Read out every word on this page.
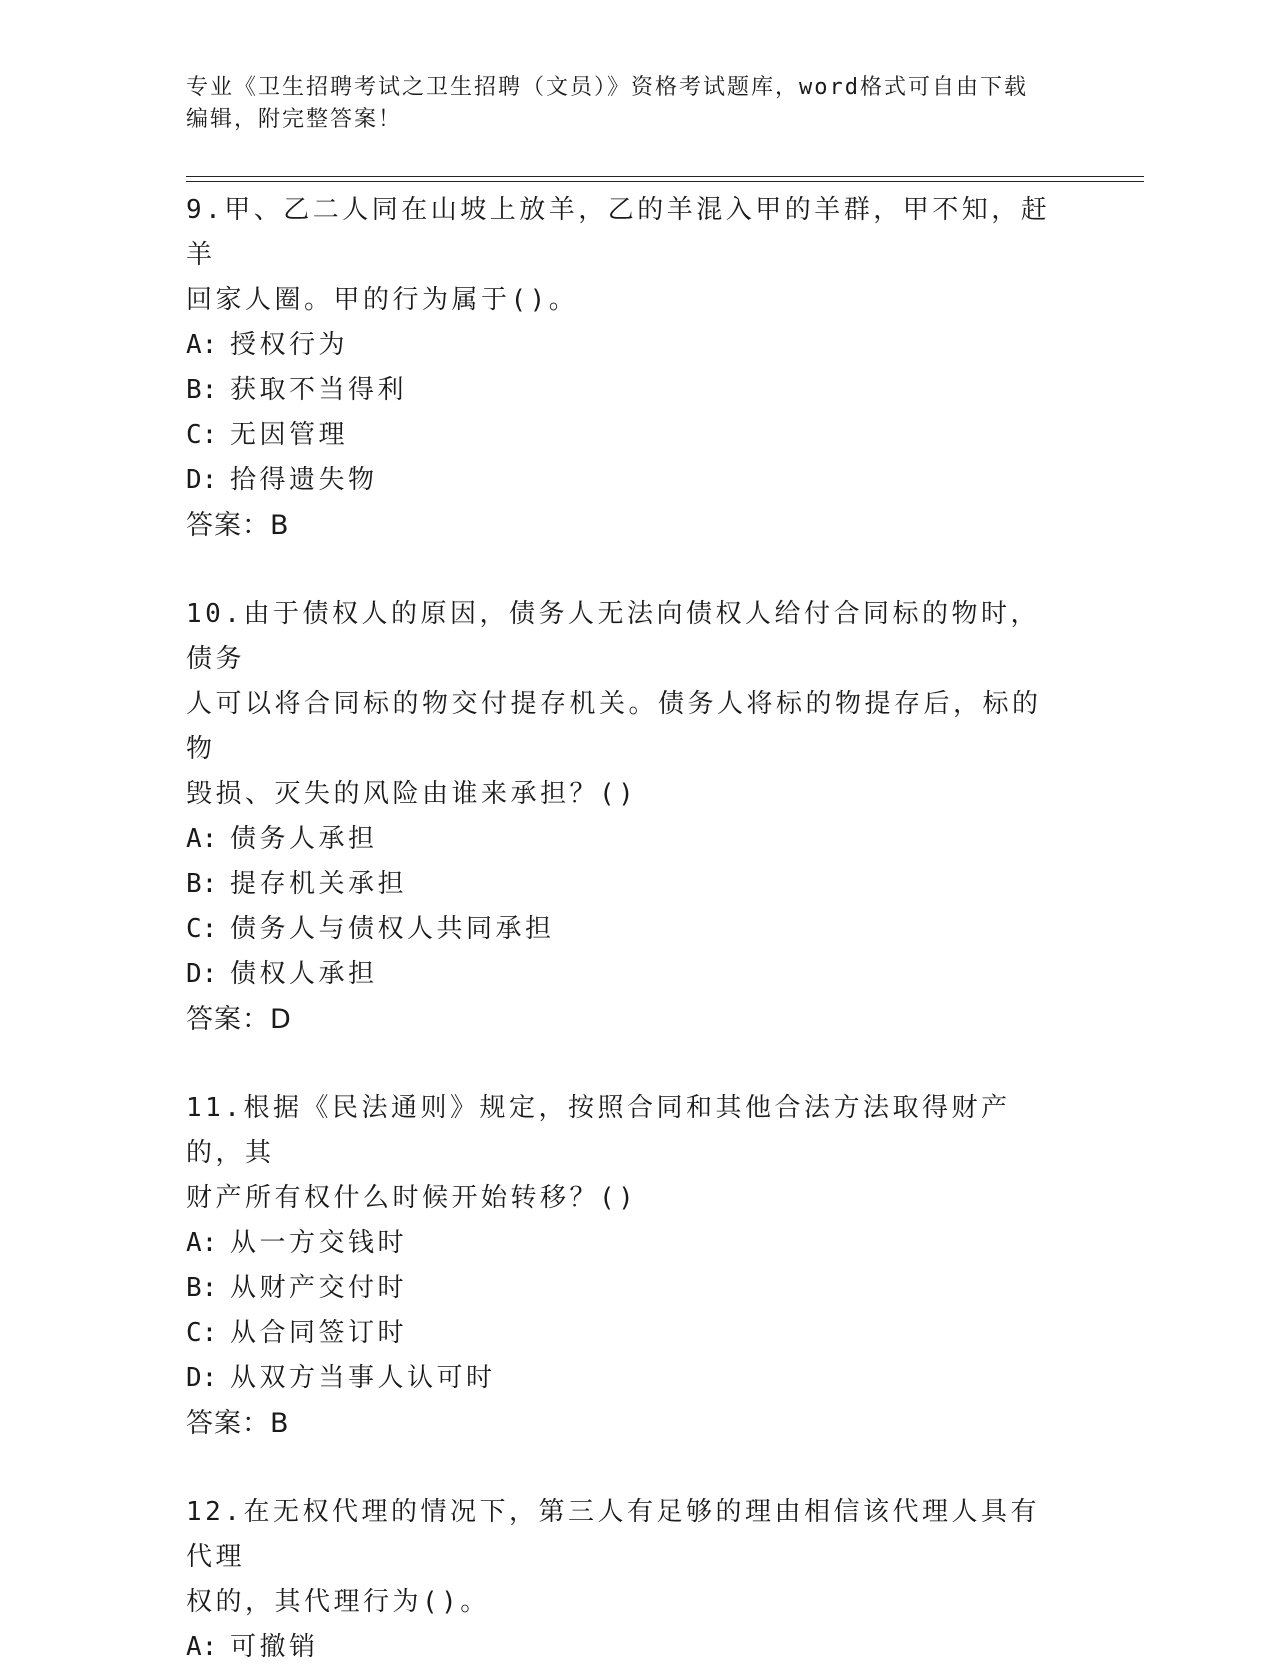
专业《卫生招聘考试之卫生招聘（文员）》资格考试题库，word格式可自由下载
编辑，附完整答案！

9.甲、乙二人同在山坡上放羊，乙的羊混入甲的羊群，甲不知，赶羊

回家人圈。甲的行为属于()。

A: 授权行为

B: 获取不当得利

C: 无因管理

D: 拾得遗失物

答案：B

10.由于债权人的原因，债务人无法向债权人给付合同标的物时，债务

人可以将合同标的物交付提存机关。债务人将标的物提存后，标的物

毁损、灭失的风险由谁来承担？()

A: 债务人承担

B: 提存机关承担

C: 债务人与债权人共同承担

D: 债权人承担

答案：D

11.根据《民法通则》规定，按照合同和其他合法方法取得财产的，其

财产所有权什么时候开始转移？()

A: 从一方交钱时

B: 从财产交付时

C: 从合同签订时

D: 从双方当事人认可时

答案：B

12.在无权代理的情况下，第三人有足够的理由相信该代理人具有代理

权的，其代理行为()。

A: 可撤销
